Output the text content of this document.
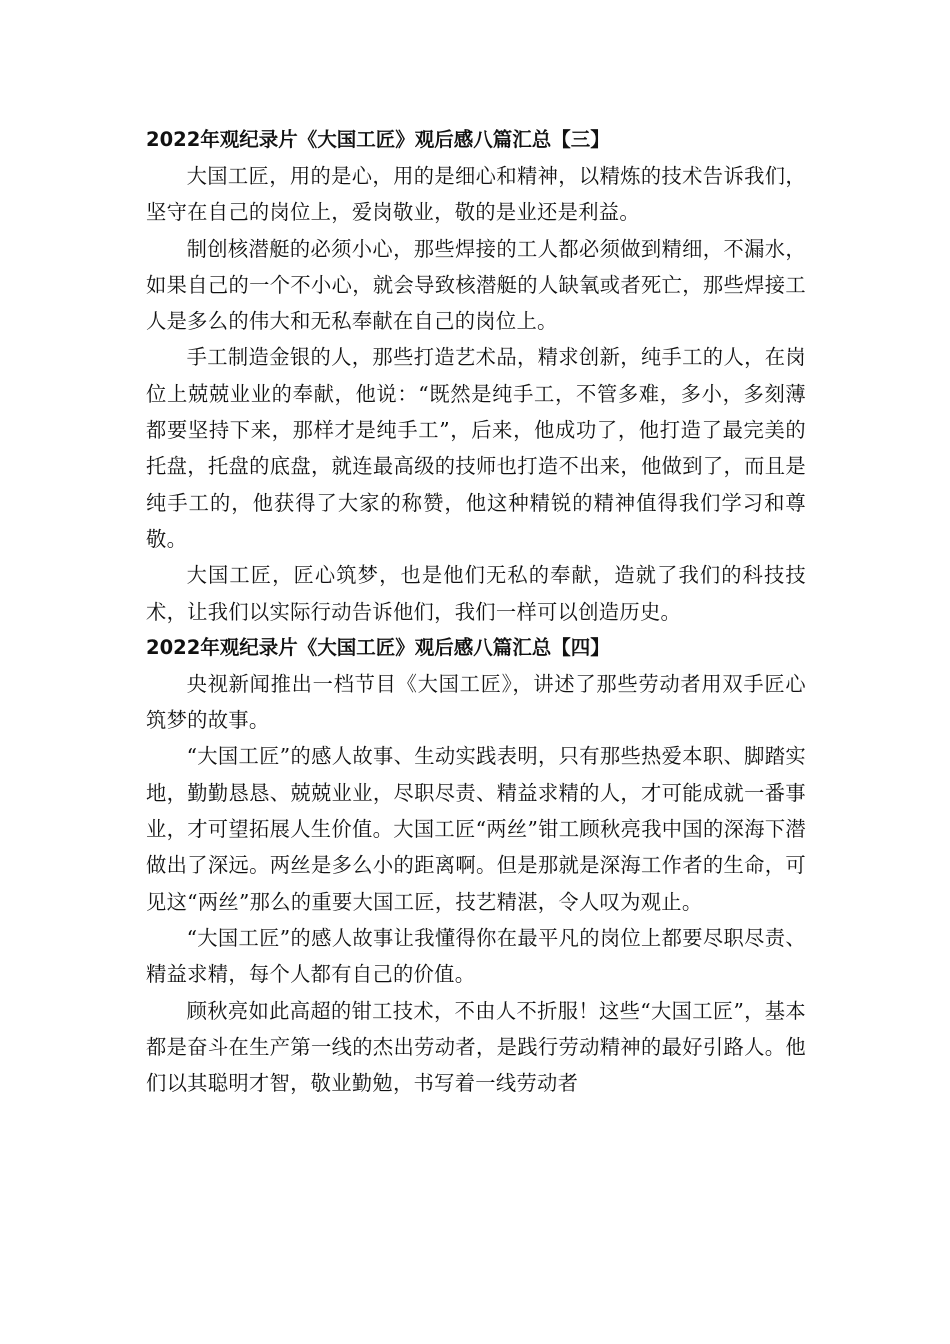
2022年观纪录片《大国工匠》观后感八篇汇总【三】

大国工匠，用的是心，用的是细心和精神，以精炼的技术告诉我们，坚守在自己的岗位上，爱岗敬业，敬的是业还是利益。

制创核潜艇的必须小心，那些焊接的工人都必须做到精细，不漏水，如果自己的一个不小心，就会导致核潜艇的人缺氧或者死亡，那些焊接工人是多么的伟大和无私奉献在自己的岗位上。

手工制造金银的人，那些打造艺术品，精求创新，纯手工的人，在岗位上兢兢业业的奉献，他说：“既然是纯手工，不管多难，多小，多刻薄都要坚持下来，那样才是纯手工”，后来，他成功了，他打造了最完美的托盘，托盘的底盘，就连最高级的技师也打造不出来，他做到了，而且是纯手工的，他获得了大家的称赞，他这种精锐的精神值得我们学习和尊敬。

大国工匠，匠心筑梦，也是他们无私的奉献，造就了我们的科技技术，让我们以实际行动告诉他们，我们一样可以创造历史。

2022年观纪录片《大国工匠》观后感八篇汇总【四】

央视新闻推出一档节目《大国工匠》，讲述了那些劳动者用双手匠心筑梦的故事。

“大国工匠”的感人故事、生动实践表明，只有那些热爱本职、脚踏实地，勤勤恳恳、兢兢业业，尽职尽责、精益求精的人，才可能成就一番事业，才可望拓展人生价值。大国工匠“两丝”钳工顾秋亮我中国的深海下潜做出了深远。两丝是多么小的距离啊。但是那就是深海工作者的生命，可见这“两丝”那么的重要大国工匠，技艺精湛，令人叹为观止。

“大国工匠”的感人故事让我懂得你在最平凡的岗位上都要尽职尽责、精益求精，每个人都有自己的价值。

顾秋亮如此高超的钳工技术，不由人不折服！这些“大国工匠”，基本都是奋斗在生产第一线的杰出劳动者，是践行劳动精神的最好引路人。他们以其聪明才智，敬业勤勉，书写着一线劳动者
